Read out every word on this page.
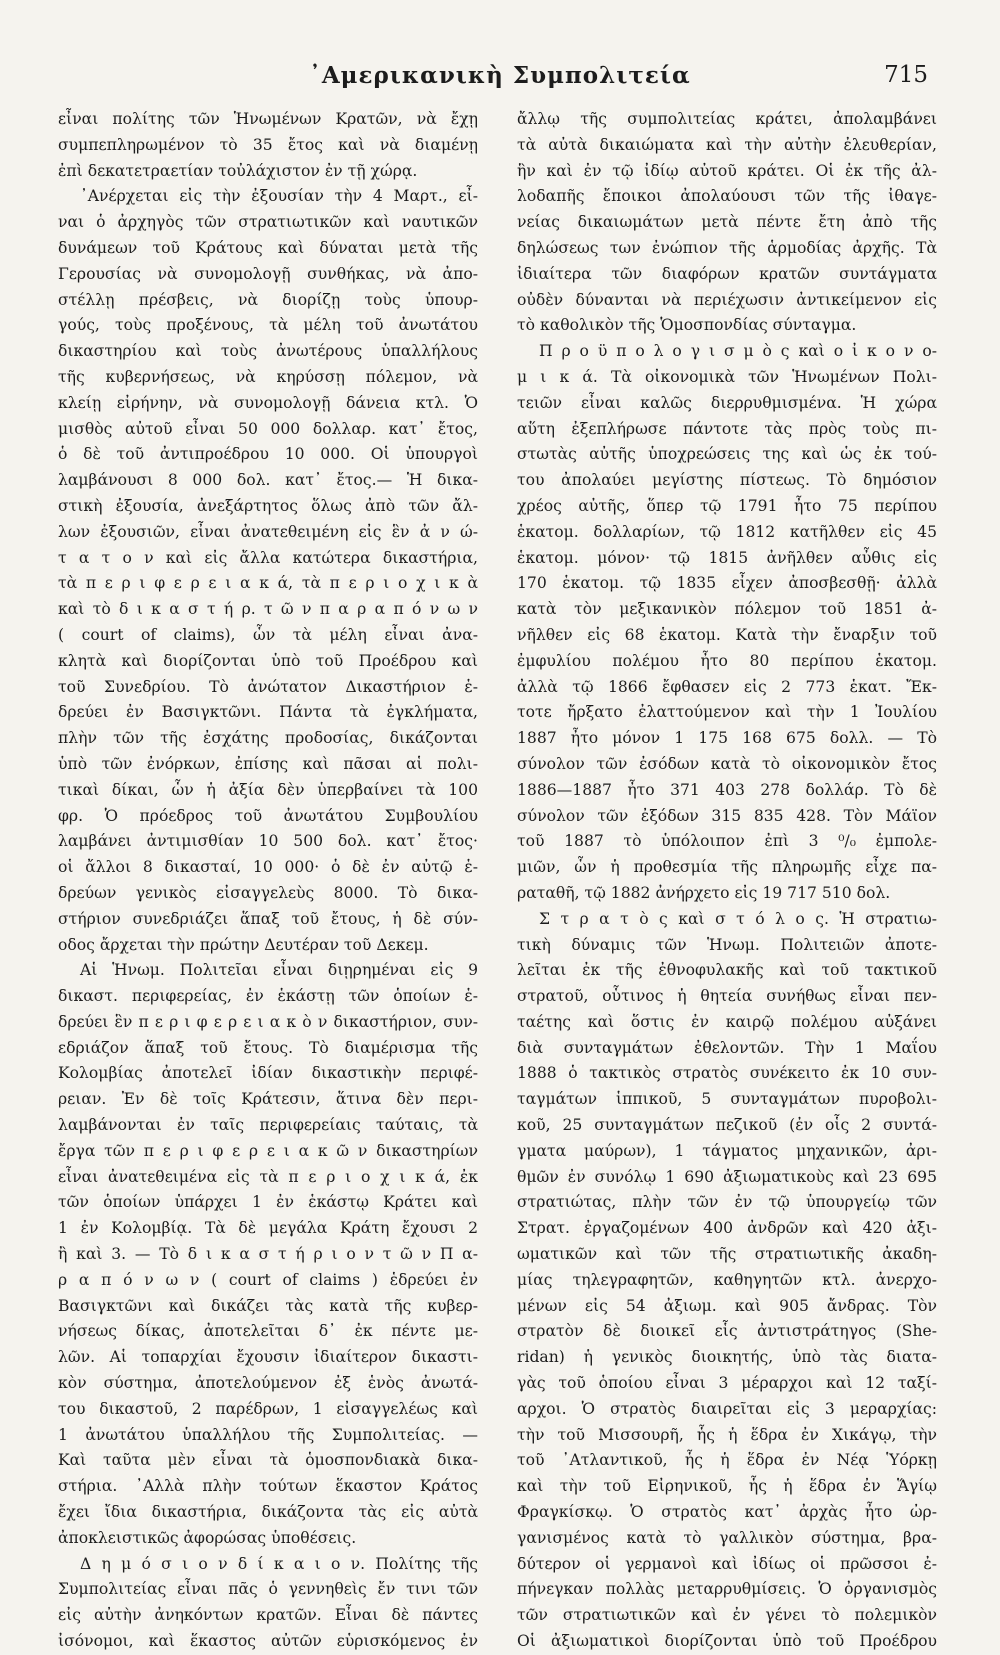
᾿Αμερικανικὴ Συμπολιτεία	715
εἶναι πολίτης τῶν Ἡνωμένων Κρατῶν, νὰ ἔχῃ
συμπεπληρωμένον τὸ 35 ἔτος καὶ νὰ διαμένῃ
ἐπὶ δεκατετραετίαν τοὐλάχιστον ἐν τῇ χώρᾳ.
᾿Ανέρχεται εἰς τὴν ἐξουσίαν τὴν 4 Μαρτ., εἶ-
ναι ὁ ἀρχηγὸς τῶν στρατιωτικῶν καὶ ναυτικῶν
δυνάμεων τοῦ Κράτους καὶ δύναται μετὰ τῆς
Γερουσίας νὰ συνομολογῇ συνθήκας, νὰ ἀπο-
στέλλῃ πρέσβεις, νὰ διορίζῃ τοὺς ὑπουρ-
γούς, τοὺς προξένους, τὰ μέλη τοῦ ἀνωτάτου
δικαστηρίου καὶ τοὺς ἀνωτέρους ὑπαλλήλους
τῆς κυβερνήσεως, νὰ κηρύσσῃ πόλεμον, νὰ
κλείῃ εἰρήνην, νὰ συνομολογῇ δάνεια κτλ. Ὁ
μισθὸς αὐτοῦ εἶναι 50 000 δολλαρ. κατ᾿ ἔτος,
ὁ δὲ τοῦ ἀντιπροέδρου 10 000. Οἱ ὑπουργοὶ
λαμβάνουσι 8 000 δολ. κατ᾿ ἔτος.— Ἡ δικα-
στικὴ ἐξουσία, ἀνεξάρτητος ὅλως ἀπὸ τῶν ἄλ-
λων ἐξουσιῶν, εἶναι ἀνατεθειμένη εἰς ἓν ἀ ν ώ-
τ α τ ο ν καὶ εἰς ἄλλα κατώτερα δικαστήρια,
τὰ π ε ρ ι φ ε ρ ε ι α κ ά, τὰ π ε ρ ι ο χ ι κ ὰ
καὶ τὸ δ ι κ α σ τ ή ρ. τ ῶ ν π α ρ α π ό ν ω ν
( court of claims), ὧν τὰ μέλη εἶναι ἀνα-
κλητὰ καὶ διορίζονται ὑπὸ τοῦ Προέδρου καὶ
τοῦ Συνεδρίου. Τὸ ἀνώτατον Δικαστήριον ἑ-
δρεύει ἐν Βασιγκτῶνι. Πάντα τὰ ἐγκλήματα,
πλὴν τῶν τῆς ἐσχάτης προδοσίας, δικάζονται
ὑπὸ τῶν ἐνόρκων, ἐπίσης καὶ πᾶσαι αἱ πολι-
τικαὶ δίκαι, ὧν ἡ ἀξία δὲν ὑπερβαίνει τὰ 100
φρ. Ὁ πρόεδρος τοῦ ἀνωτάτου Συμβουλίου
λαμβάνει ἀντιμισθίαν 10 500 δολ. κατ᾿ ἔτος·
οἱ ἄλλοι 8 δικασταί, 10 000· ὁ δὲ ἐν αὐτῷ ἑ-
δρεύων γενικὸς εἰσαγγελεὺς 8000. Τὸ δικα-
στήριον συνεδριάζει ἅπαξ τοῦ ἔτους, ἡ δὲ σύν-
οδος ἄρχεται τὴν πρώτην Δευτέραν τοῦ Δεκεμ.
Αἱ Ἡνωμ. Πολιτεῖαι εἶναι διῃρημέναι εἰς 9
δικαστ. περιφερείας, ἐν ἑκάστῃ τῶν ὁποίων ἑ-
δρεύει ἓν π ε ρ ι φ ε ρ ε ι α κ ὸ ν δικαστήριον, συν-
εδριάζον ἅπαξ τοῦ ἔτους. Τὸ διαμέρισμα τῆς
Κολομβίας ἀποτελεῖ ἰδίαν δικαστικὴν περιφέ-
ρειαν. Ἐν δὲ τοῖς Κράτεσιν, ἅτινα δὲν περι-
λαμβάνονται ἐν ταῖς περιφερείαις ταύταις, τὰ
ἔργα τῶν π ε ρ ι φ ε ρ ε ι α κ ῶ ν δικαστηρίων
εἶναι ἀνατεθειμένα εἰς τὰ π ε ρ ι ο χ ι κ ά, ἐκ
τῶν ὁποίων ὑπάρχει 1 ἐν ἑκάστῳ Κράτει καὶ
1 ἐν Κολομβίᾳ. Τὰ δὲ μεγάλα Κράτη ἔχουσι 2
ἢ καὶ 3. — Τὸ δ ι κ α σ τ ή ρ ι ο ν τ ῶ ν Π α-
ρ α π ό ν ω ν ( court of claims ) ἑδρεύει ἐν
Βασιγκτῶνι καὶ δικάζει τὰς κατὰ τῆς κυβερ-
νήσεως δίκας, ἀποτελεῖται δ᾿ ἐκ πέντε με-
λῶν. Αἱ τοπαρχίαι ἔχουσιν ἰδιαίτερον δικαστι-
κὸν σύστημα, ἀποτελούμενον ἐξ ἑνὸς ἀνωτά-
του δικαστοῦ, 2 παρέδρων, 1 εἰσαγγελέως καὶ
1 ἀνωτάτου ὑπαλλήλου τῆς Συμπολιτείας. —
Καὶ ταῦτα μὲν εἶναι τὰ ὁμοσπονδιακὰ δικα-
στήρια. ᾿Αλλὰ πλὴν τούτων ἕκαστον Κράτος
ἔχει ἴδια δικαστήρια, δικάζοντα τὰς εἰς αὐτὰ
ἀποκλειστικῶς ἀφορώσας ὑποθέσεις.
Δ η μ ό σ ι ο ν δ ί κ α ι ο ν. Πολίτης τῆς
Συμπολιτείας εἶναι πᾶς ὁ γεννηθεὶς ἔν τινι τῶν
εἰς αὐτὴν ἀνηκόντων κρατῶν. Εἶναι δὲ πάντες
ἰσόνομοι, καὶ ἕκαστος αὐτῶν εὑρισκόμενος ἐν
ἄλλῳ τῆς συμπολιτείας κράτει, ἀπολαμβάνει
τὰ αὐτὰ δικαιώματα καὶ τὴν αὐτὴν ἐλευθερίαν,
ἣν καὶ ἐν τῷ ἰδίῳ αὐτοῦ κράτει. Οἱ ἐκ τῆς ἀλ-
λοδαπῆς ἔποικοι ἀπολαύουσι τῶν τῆς ἰθαγε-
νείας δικαιωμάτων μετὰ πέντε ἔτη ἀπὸ τῆς
δηλώσεως των ἐνώπιον τῆς ἁρμοδίας ἀρχῆς. Τὰ
ἰδιαίτερα τῶν διαφόρων κρατῶν συντάγματα
οὐδὲν δύνανται νὰ περιέχωσιν ἀντικείμενον εἰς
τὸ καθολικὸν τῆς Ὁμοσπονδίας σύνταγμα.
Π ρ ο ϋ π ο λ ο γ ι σ μ ὸ ς καὶ ο ἰ κ ο ν ο-
μ ι κ ά. Τὰ οἰκονομικὰ τῶν Ἡνωμένων Πολι-
τειῶν εἶναι καλῶς διερρυθμισμένα. Ἡ χώρα
αὕτη ἐξεπλήρωσε πάντοτε τὰς πρὸς τοὺς πι-
στωτὰς αὐτῆς ὑποχρεώσεις της καὶ ὡς ἐκ τού-
του ἀπολαύει μεγίστης πίστεως. Τὸ δημόσιον
χρέος αὐτῆς, ὅπερ τῷ 1791 ἦτο 75 περίπου
ἑκατομ. δολλαρίων, τῷ 1812 κατῆλθεν εἰς 45
ἑκατομ. μόνον· τῷ 1815 ἀνῆλθεν αὖθις εἰς
170 ἑκατομ. τῷ 1835 εἶχεν ἀποσβεσθῇ· ἀλλὰ
κατὰ τὸν μεξικανικὸν πόλεμον τοῦ 1851 ἀ-
νῆλθεν εἰς 68 ἑκατομ. Κατὰ τὴν ἔναρξιν τοῦ
ἐμφυλίου πολέμου ἦτο 80 περίπου ἑκατομ.
ἀλλὰ τῷ 1866 ἔφθασεν εἰς 2 773 ἑκατ. Ἔκ-
τοτε ἤρξατο ἐλαττούμενον καὶ τὴν 1 Ἰουλίου
1887 ἦτο μόνον 1 175 168 675 δολλ. — Τὸ
σύνολον τῶν ἐσόδων κατὰ τὸ οἰκονομικὸν ἔτος
1886—1887 ἦτο 371 403 278 δολλάρ. Τὸ δὲ
σύνολον τῶν ἐξόδων 315 835 428. Τὸν Μάϊον
τοῦ 1887 τὸ ὑπόλοιπον ἐπὶ 3 ⁰/₀ ἐμπολε-
μιῶν, ὧν ἡ προθεσμία τῆς πληρωμῆς εἶχε πα-
ραταθῆ, τῷ 1882 ἀνήρχετο εἰς 19 717 510 δολ.
Σ τ ρ α τ ὸ ς καὶ σ τ ό λ ο ς. Ἡ στρατιω-
τικὴ δύναμις τῶν Ἡνωμ. Πολιτειῶν ἀποτε-
λεῖται ἐκ τῆς ἐθνοφυλακῆς καὶ τοῦ τακτικοῦ
στρατοῦ, οὗτινος ἡ θητεία συνήθως εἶναι πεν-
ταέτης καὶ ὅστις ἐν καιρῷ πολέμου αὐξάνει
διὰ συνταγμάτων ἐθελοντῶν. Τὴν 1 Μαΐου
1888 ὁ τακτικὸς στρατὸς συνέκειτο ἐκ 10 συν-
ταγμάτων ἱππικοῦ, 5 συνταγμάτων πυροβολι-
κοῦ, 25 συνταγμάτων πεζικοῦ (ἐν οἷς 2 συντά-
γματα μαύρων), 1 τάγματος μηχανικῶν, ἀρι-
θμῶν ἐν συνόλῳ 1 690 ἀξιωματικοὺς καὶ 23 695
στρατιώτας, πλὴν τῶν ἐν τῷ ὑπουργείῳ τῶν
Στρατ. ἐργαζομένων 400 ἀνδρῶν καὶ 420 ἀξι-
ωματικῶν καὶ τῶν τῆς στρατιωτικῆς ἀκαδη-
μίας τηλεγραφητῶν, καθηγητῶν κτλ. ἀνερχο-
μένων εἰς 54 ἀξιωμ. καὶ 905 ἄνδρας. Τὸν
στρατὸν δὲ διοικεῖ εἷς ἀντιστράτηγος (She-
ridan) ἡ γενικὸς διοικητής, ὑπὸ τὰς διατα-
γὰς τοῦ ὁποίου εἶναι 3 μέραρχοι καὶ 12 ταξί-
αρχοι. Ὁ στρατὸς διαιρεῖται εἰς 3 μεραρχίας:
τὴν τοῦ Μισσουρῆ, ἧς ἡ ἕδρα ἐν Χικάγῳ, τὴν
τοῦ ᾿Ατλαντικοῦ, ἧς ἡ ἕδρα ἐν Νέᾳ Ὑόρκῃ
καὶ τὴν τοῦ Εἰρηνικοῦ, ἧς ἡ ἕδρα ἐν Ἅγίῳ
Φραγκίσκῳ. Ὁ στρατὸς κατ᾿ ἀρχὰς ἦτο ὠρ-
γανισμένος κατὰ τὸ γαλλικὸν σύστημα, βρα-
δύτερον οἱ γερμανοὶ καὶ ἰδίως οἱ πρῶσσοι ἐ-
πήνεγκαν πολλὰς μεταρρυθμίσεις. Ὁ ὀργανισμὸς
τῶν στρατιωτικῶν καὶ ἐν γένει τὸ πολεμικὸν
Οἱ ἀξιωματικοὶ διορίζονται ὑπὸ τοῦ Προέδρου
